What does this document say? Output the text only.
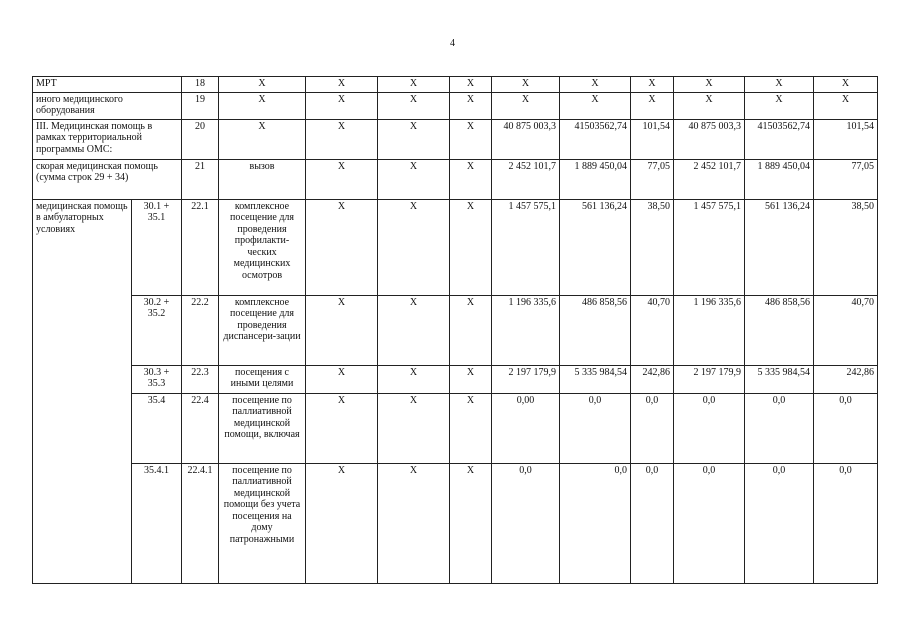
4
МРТ		18	Х	Х	Х	Х	Х	Х	Х	Х	Х	Х
иного медицинского оборудования		19	Х	Х	Х	Х	Х	Х	Х	Х	Х	Х
III. Медицинская помощь в рамках территориальной программы ОМС:		20	Х	Х	Х	Х	40 875 003,3	41503562,74	101,54	40 875 003,3	41503562,74	101,54
скорая медицинская помощь (сумма строк 29 + 34)		21	вызов	Х	Х	Х	2 452 101,7	1 889 450,04	77,05	2 452 101,7	1 889 450,04	77,05
медицинская помощь в амбулаторных условиях	30.1 + 35.1	22.1	комплексное посещение для проведения профилакти-ческих медицинских осмотров	Х	Х	Х	1 457 575,1	561 136,24	38,50	1 457 575,1	561 136,24	38,50
	30.2 + 35.2	22.2	комплексное посещение для проведения диспансери-зации	Х	Х	Х	1 196 335,6	486 858,56	40,70	1 196 335,6	486 858,56	40,70
	30.3 + 35.3	22.3	посещения с иными целями	Х	Х	Х	2 197 179,9	5 335 984,54	242,86	2 197 179,9	5 335 984,54	242,86
	35.4	22.4	посещение по паллиативной медицинской помощи, включая	Х	Х	Х	0,00	0,0	0,0	0,0	0,0	0,0
	35.4.1	22.4.1	посещение по паллиативной медицинской помощи без учета посещения на дому патронажными	Х	Х	Х	0,0	0,0	0,0	0,0	0,0	0,0
